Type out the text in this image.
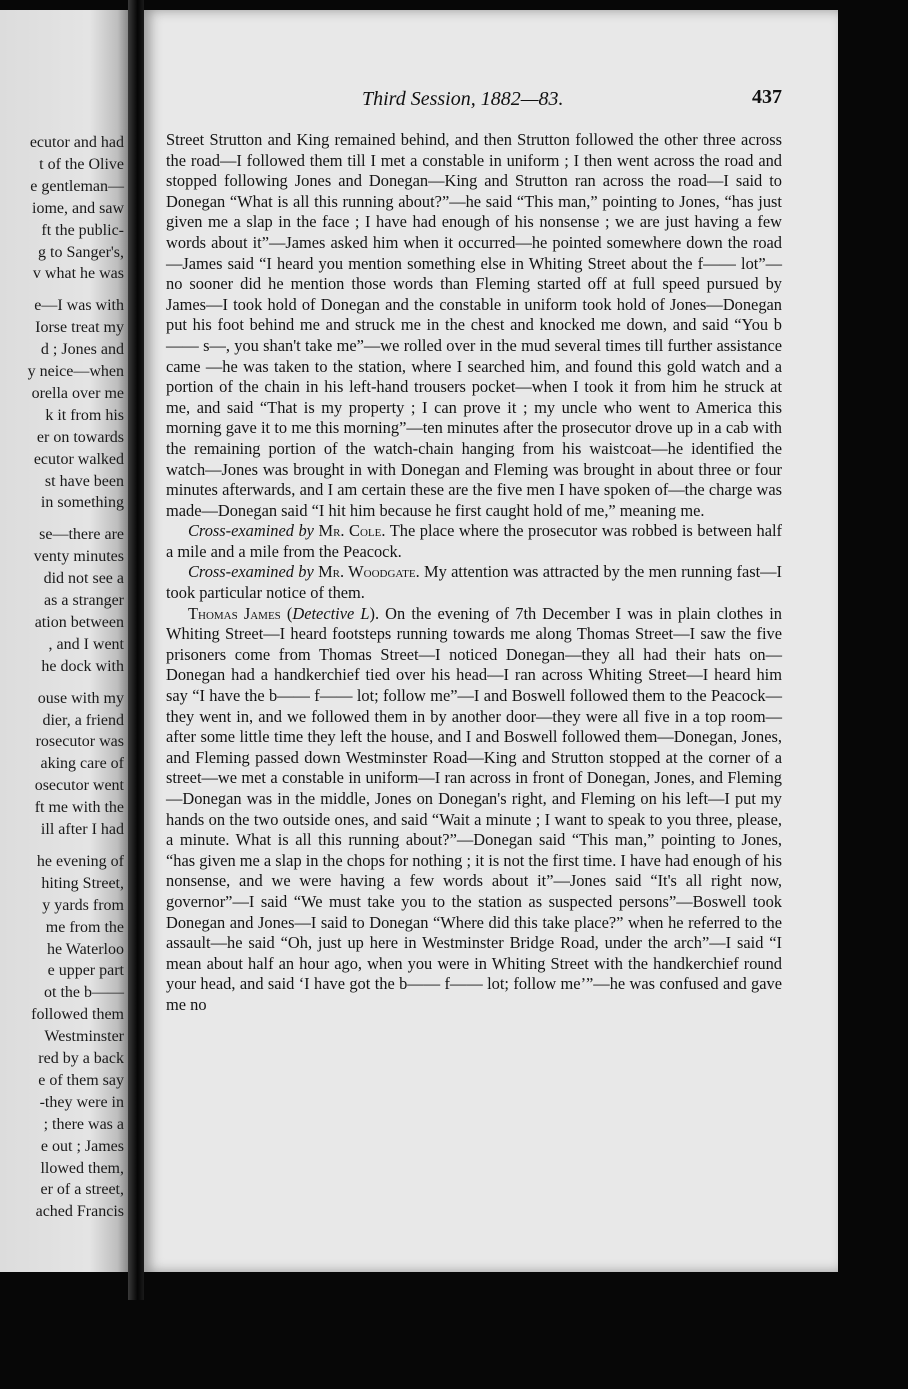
ecutor and had
t of the Olive
e gentleman—
iome, and saw
ft the public-
g to Sanger's,
v what he was
e—I was with
Iorse treat my
d ; Jones and
y neice—when
orella over me
k it from his
er on towards
ecutor walked
st have been
in something
se—there are
venty minutes
did not see a
as a stranger
ation between
, and I went
he dock with
ouse with my
dier, a friend
rosecutor was
aking care of
osecutor went
ft me with the
ill after I had
he evening of
hiting Street,
y yards from
me from the
he Waterloo
e upper part
ot the b——
followed them
Westminster
red by a back
e of them say
-they were in
; there was a
e out ; James
llowed them,
er of a street,
ached Francis
Third Session, 1882—83.	437

Street Strutton and King remained behind, and then Strutton followed the other three across the road—I followed them till I met a constable in uniform ; I then went across the road and stopped following Jones and Donegan—King and Strutton ran across the road—I said to Donegan “What is all this running about?”—he said “This man,” pointing to Jones, “has just given me a slap in the face ; I have had enough of his nonsense ; we are just having a few words about it”—James asked him when it occurred—he pointed somewhere down the road—James said “I heard you mention something else in Whiting Street about the f—— lot”—no sooner did he mention those words than Fleming started off at full speed pursued by James—I took hold of Donegan and the constable in uniform took hold of Jones—Donegan put his foot behind me and struck me in the chest and knocked me down, and said “You b—— s—, you shan't take me”—we rolled over in the mud several times till further assistance came —he was taken to the station, where I searched him, and found this gold watch and a portion of the chain in his left-hand trousers pocket—when I took it from him he struck at me, and said “That is my property ; I can prove it ; my uncle who went to America this morning gave it to me this morning”—ten minutes after the prosecutor drove up in a cab with the remaining portion of the watch-chain hanging from his waistcoat—he identified the watch—Jones was brought in with Donegan and Fleming was brought in about three or four minutes afterwards, and I am certain these are the five men I have spoken of—the charge was made—Donegan said “I hit him because he first caught hold of me,” meaning me.

Cross-examined by Mr. Cole. The place where the prosecutor was robbed is between half a mile and a mile from the Peacock.

Cross-examined by Mr. Woodgate. My attention was attracted by the men running fast—I took particular notice of them.

Thomas James (Detective L). On the evening of 7th December I was in plain clothes in Whiting Street—I heard footsteps running towards me along Thomas Street—I saw the five prisoners come from Thomas Street—I noticed Donegan—they all had their hats on—Donegan had a handkerchief tied over his head—I ran across Whiting Street—I heard him say “I have the b—— f—— lot; follow me”—I and Boswell followed them to the Peacock—they went in, and we followed them in by another door—they were all five in a top room—after some little time they left the house, and I and Boswell followed them—Donegan, Jones, and Fleming passed down Westminster Road—King and Strutton stopped at the corner of a street—we met a constable in uniform—I ran across in front of Donegan, Jones, and Fleming—Donegan was in the middle, Jones on Donegan's right, and Fleming on his left—I put my hands on the two outside ones, and said “Wait a minute ; I want to speak to you three, please, a minute. What is all this running about?”—Donegan said “This man,” pointing to Jones, “has given me a slap in the chops for nothing ; it is not the first time. I have had enough of his nonsense, and we were having a few words about it”—Jones said “It's all right now, governor”—I said “We must take you to the station as suspected persons”—Boswell took Donegan and Jones—I said to Donegan “Where did this take place?” when he referred to the assault—he said “Oh, just up here in Westminster Bridge Road, under the arch”—I said “I mean about half an hour ago, when you were in Whiting Street with the handkerchief round your head, and said ‘I have got the b—— f—— lot; follow me’”—he was confused and gave me no
